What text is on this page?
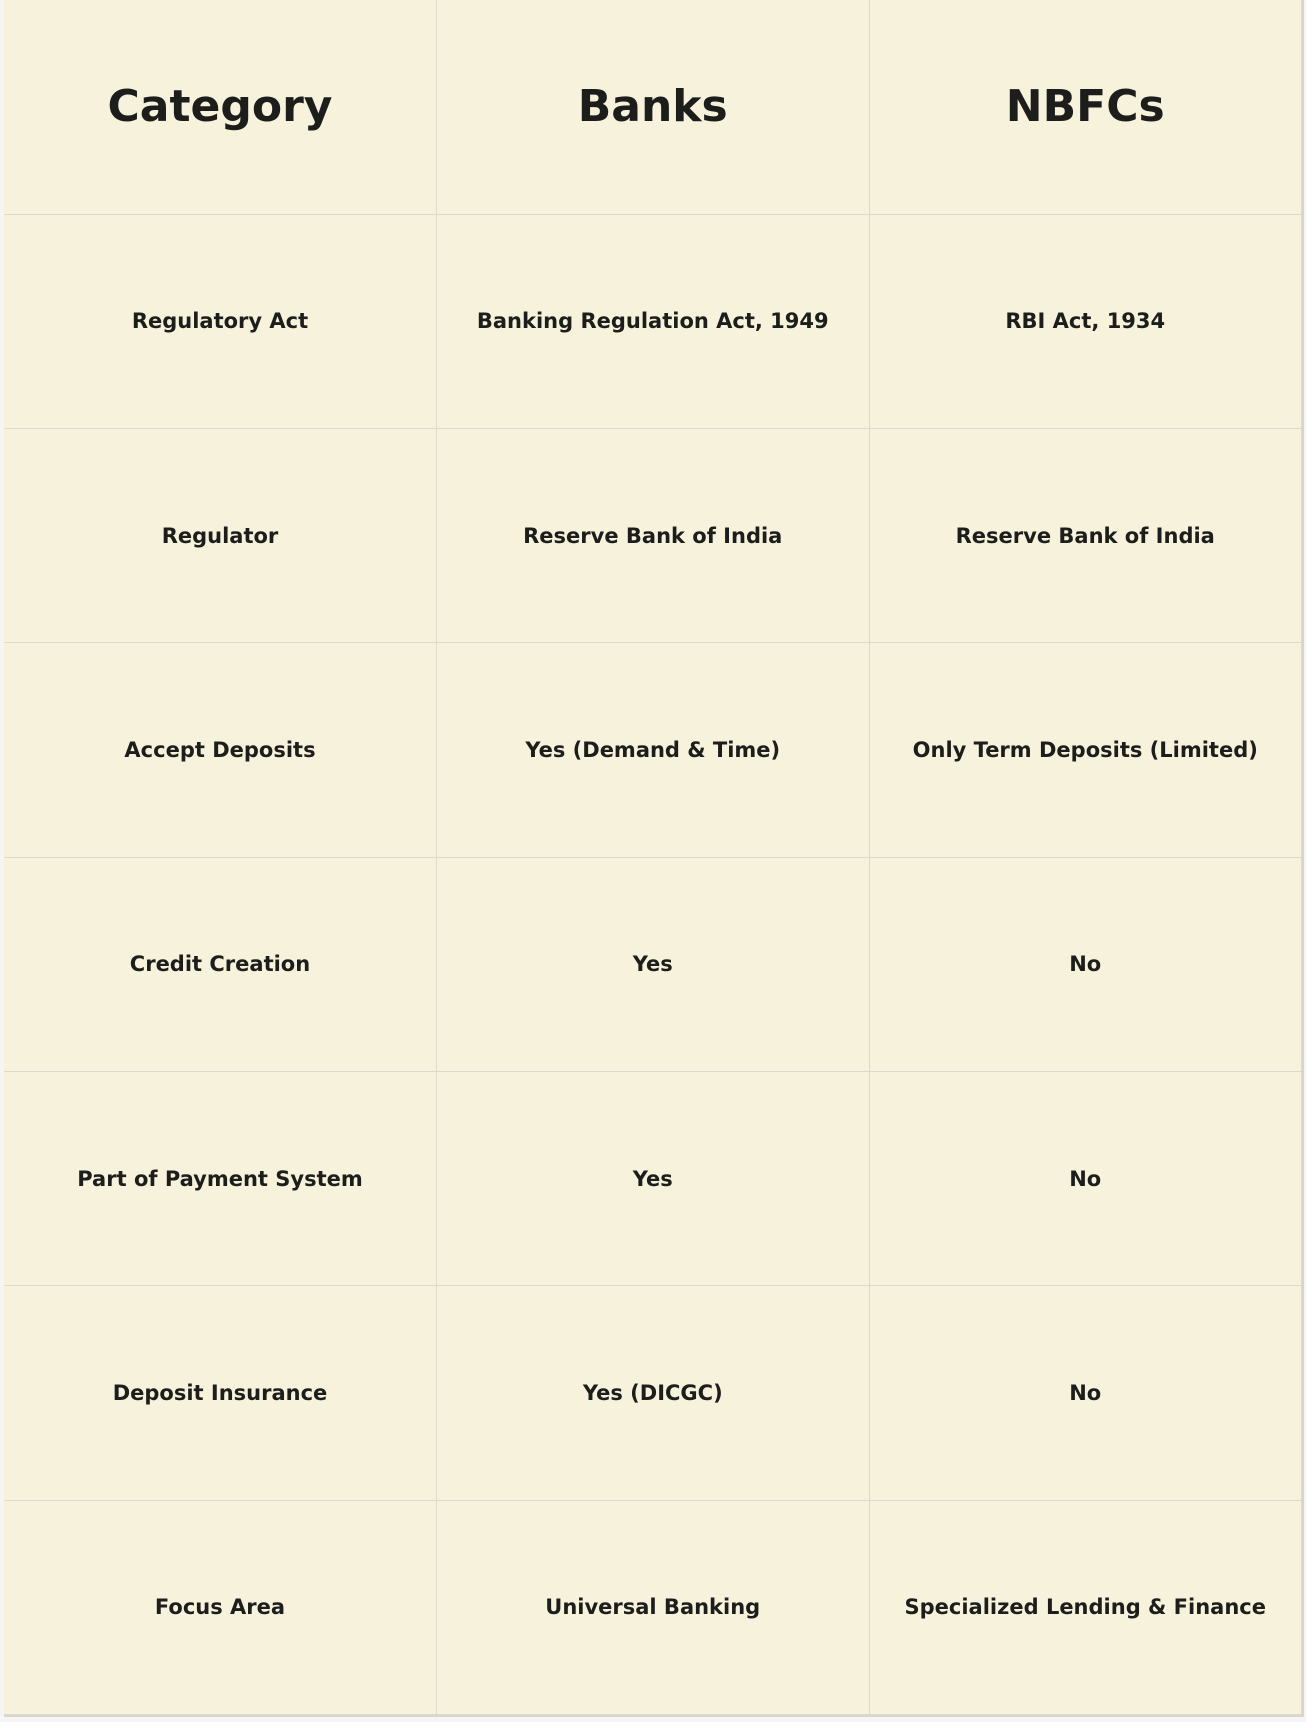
Category	Banks	NBFCs
Regulatory Act	Banking Regulation Act, 1949	RBI Act, 1934
Regulator	Reserve Bank of India	Reserve Bank of India
Accept Deposits	Yes (Demand & Time)	Only Term Deposits (Limited)
Credit Creation	Yes	No
Part of Payment System	Yes	No
Deposit Insurance	Yes (DICGC)	No
Focus Area	Universal Banking	Specialized Lending & Finance
